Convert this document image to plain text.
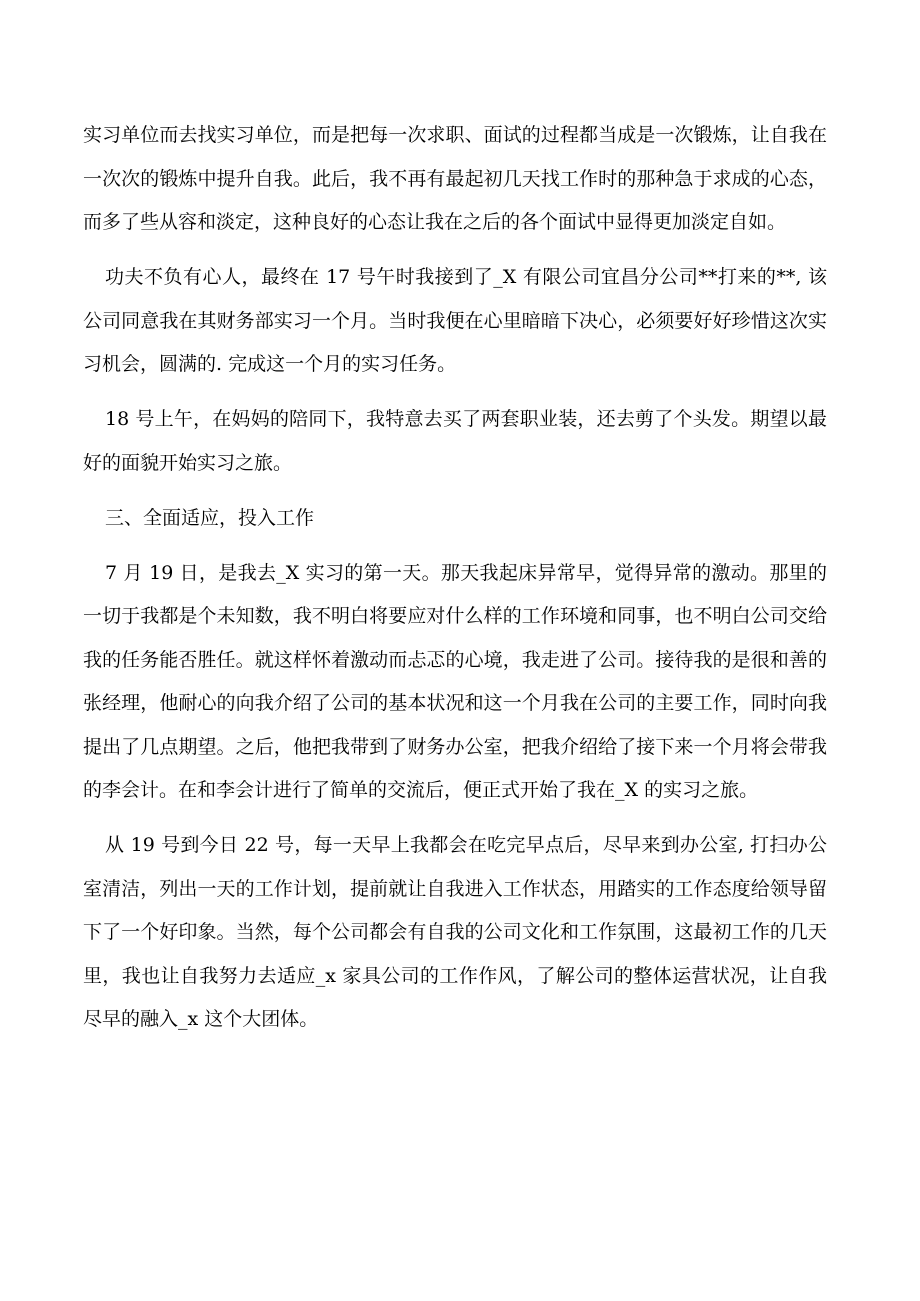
实习单位而去找实习单位，而是把每一次求职、面试的过程都当成是一次锻炼，让自我在一次次的锻炼中提升自我。此后，我不再有最起初几天找工作时的那种急于求成的心态，而多了些从容和淡定，这种良好的心态让我在之后的各个面试中显得更加淡定自如。

功夫不负有心人，最终在 17 号午时我接到了_X 有限公司宜昌分公司**打来的**, 该公司同意我在其财务部实习一个月。当时我便在心里暗暗下决心，必须要好好珍惜这次实习机会，圆满的. 完成这一个月的实习任务。

18 号上午，在妈妈的陪同下，我特意去买了两套职业装，还去剪了个头发。期望以最好的面貌开始实习之旅。

三、全面适应，投入工作

7 月 19 日，是我去_X 实习的第一天。那天我起床异常早，觉得异常的激动。那里的一切于我都是个未知数，我不明白将要应对什么样的工作环境和同事，也不明白公司交给我的任务能否胜任。就这样怀着激动而忐忑的心境，我走进了公司。接待我的是很和善的张经理，他耐心的向我介绍了公司的基本状况和这一个月我在公司的主要工作，同时向我提出了几点期望。之后，他把我带到了财务办公室，把我介绍给了接下来一个月将会带我的李会计。在和李会计进行了简单的交流后，便正式开始了我在_X 的实习之旅。

从 19 号到今日 22 号，每一天早上我都会在吃完早点后，尽早来到办公室, 打扫办公室清洁，列出一天的工作计划，提前就让自我进入工作状态，用踏实的工作态度给领导留下了一个好印象。当然，每个公司都会有自我的公司文化和工作氛围，这最初工作的几天里，我也让自我努力去适应_x 家具公司的工作作风，了解公司的整体运营状况，让自我尽早的融入_x 这个大团体。
